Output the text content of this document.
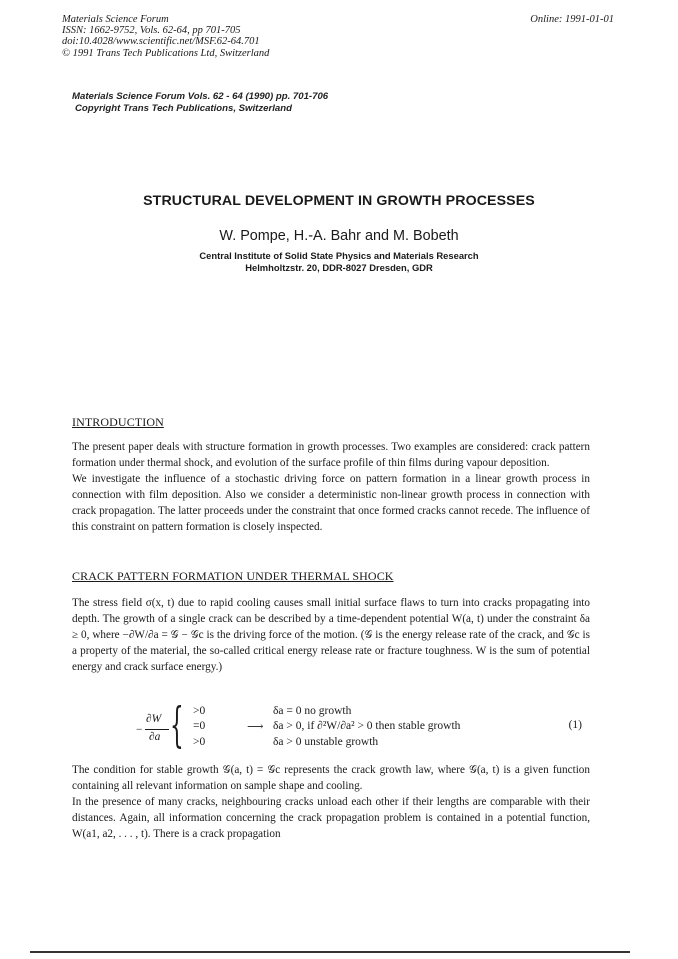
Materials Science Forum
ISSN: 1662-9752, Vols. 62-64, pp 701-705
doi:10.4028/www.scientific.net/MSF.62-64.701
© 1991 Trans Tech Publications Ltd, Switzerland
Online: 1991-01-01
Materials Science Forum Vols. 62 - 64 (1990) pp. 701-706
Copyright Trans Tech Publications, Switzerland
STRUCTURAL DEVELOPMENT IN GROWTH PROCESSES
W. Pompe, H.-A. Bahr and M. Bobeth
Central Institute of Solid State Physics and Materials Research
Helmholtzstr. 20, DDR-8027 Dresden, GDR
INTRODUCTION

The present paper deals with structure formation in growth processes. Two examples are considered: crack pattern formation under thermal shock, and evolution of the surface profile of thin films during vapour deposition.

We investigate the influence of a stochastic driving force on pattern formation in a linear growth process in connection with film deposition. Also we consider a deterministic non-linear growth process in connection with crack propagation. The latter proceeds under the constraint that once formed cracks cannot recede. The influence of this constraint on pattern formation is closely inspected.

CRACK PATTERN FORMATION UNDER THERMAL SHOCK

The stress field σ(x, t) due to rapid cooling causes small initial surface flaws to turn into cracks propagating into depth. The growth of a single crack can be described by a time-dependent potential W(a, t) under the constraint δa ≥ 0, where −∂W/∂a = 𝒢 − 𝒢c is the driving force of the motion. (𝒢 is the energy release rate of the crack, and 𝒢c is a property of the material, the so-called critical energy release rate or fracture toughness. W is the sum of potential energy and crack surface energy.)

−
∂W
∂a { >0
=0
>0
⟶
δa = 0 no growth
δa > 0, if ∂²W/∂a² > 0 then stable growth
δa > 0 unstable growth
(1)

The condition for stable growth 𝒢(a, t) = 𝒢c represents the crack growth law, where 𝒢(a, t) is a given function containing all relevant information on sample shape and cooling.

In the presence of many cracks, neighbouring cracks unload each other if their lengths are comparable with their distances. Again, all information concerning the crack propagation problem is contained in a potential function, W(a1, a2, . . . , t). There is a crack propagation
